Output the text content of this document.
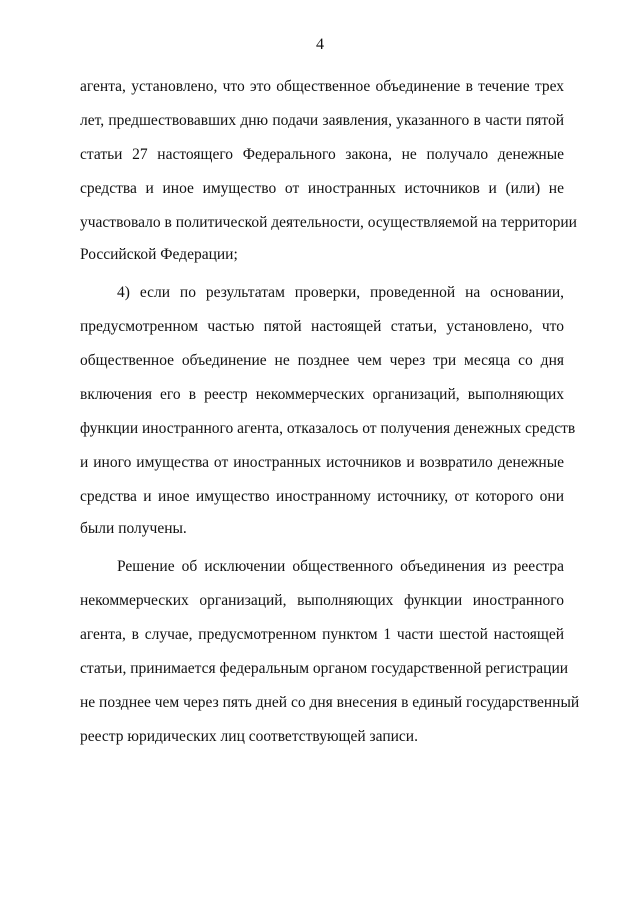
4
агента, установлено, что это общественное объединение в течение трех
лет, предшествовавших дню подачи заявления, указанного в части пятой
статьи 27 настоящего Федерального закона, не получало денежные
средства и иное имущество от иностранных источников и (или) не
участвовало в политической деятельности, осуществляемой на территории
Российской Федерации;
4) если по результатам проверки, проведенной на основании,
предусмотренном частью пятой настоящей статьи, установлено, что
общественное объединение не позднее чем через три месяца со дня
включения его в реестр некоммерческих организаций, выполняющих
функции иностранного агента, отказалось от получения денежных средств
и иного имущества от иностранных источников и возвратило денежные
средства и иное имущество иностранному источнику, от которого они
были получены.
Решение об исключении общественного объединения из реестра
некоммерческих организаций, выполняющих функции иностранного
агента, в случае, предусмотренном пунктом 1 части шестой настоящей
статьи, принимается федеральным органом государственной регистрации
не позднее чем через пять дней со дня внесения в единый государственный
реестр юридических лиц соответствующей записи.
